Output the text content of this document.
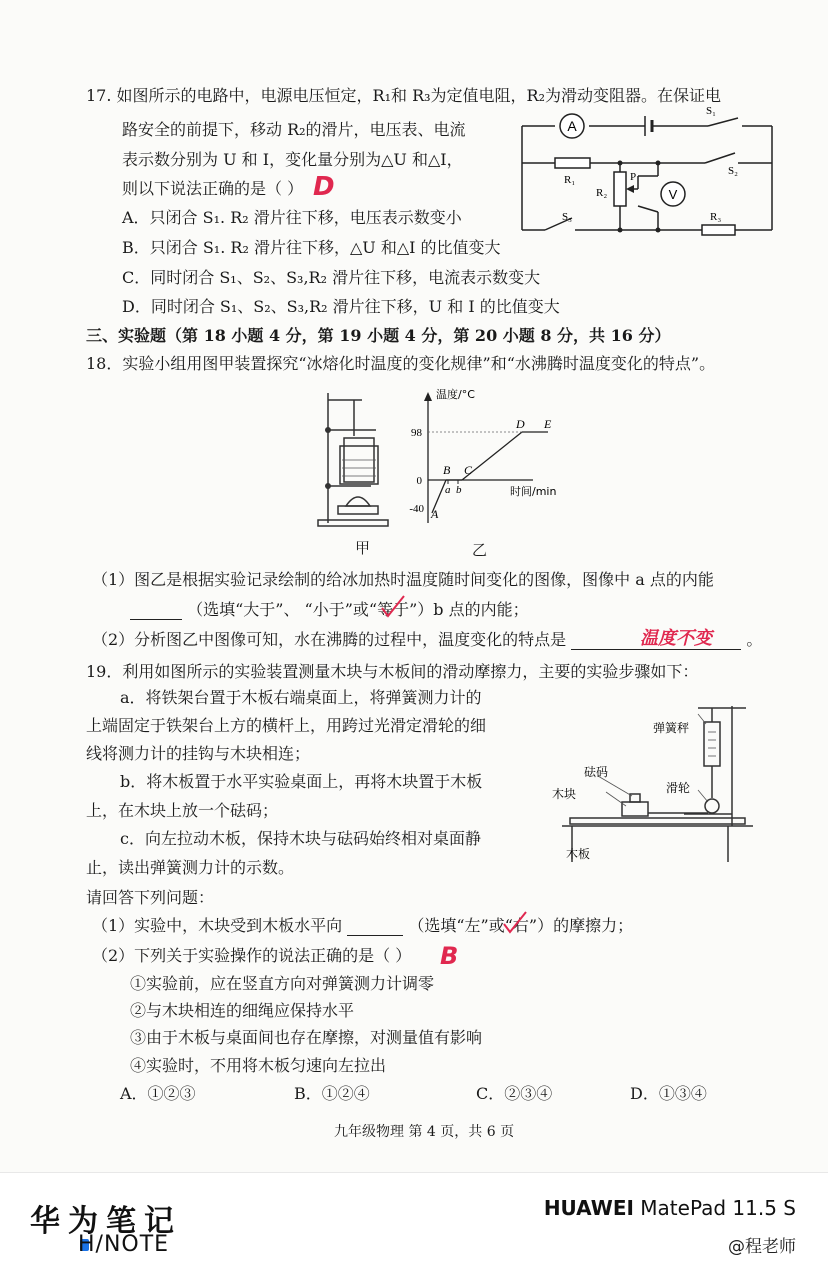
17. 如图所示的电路中，电源电压恒定，R₁和 R₃为定值电阻，R₂为滑动变阻器。在保证电
路安全的前提下，移动 R₂的滑片，电压表、电流
表示数分别为 U 和 I，变化量分别为△U 和△I，
则以下说法正确的是（ ） D
A．只闭合 S₁. R₂ 滑片往下移，电压表示数变小
B．只闭合 S₁. R₂ 滑片往下移，△U 和△I 的比值变大
C．同时闭合 S₁、S₂、S₃,R₂ 滑片往下移，电流表示数变大
D．同时闭合 S₁、S₂、S₃,R₂ 滑片往下移，U 和 I 的比值变大
A
V
S₁
S₂
S₃
R₁
R₂
R₃
P
三、实验题（第 18 小题 4 分，第 19 小题 4 分，第 20 小题 8 分，共 16 分）
18．实验小组用图甲装置探究“冰熔化时温度的变化规律”和“水沸腾时温度变化的特点”。
甲
温度/°C
时间/min
98
0
-40 A
B C
D E
a b
乙
（1）图乙是根据实验记录绘制的给冰加热时温度随时间变化的图像，图像中 a 点的内能
（选填“大于”、 “小于”或“等于”）b 点的内能；
（2）分析图乙中图像可知，水在沸腾的过程中，温度变化的特点是	。
温度不变
19．利用如图所示的实验装置测量木块与木板间的滑动摩擦力，主要的实验步骤如下：
a．将铁架台置于木板右端桌面上，将弹簧测力计的
上端固定于铁架台上方的横杆上，用跨过光滑定滑轮的细
线将测力计的挂钩与木块相连；
b．将木板置于水平实验桌面上，再将木块置于木板
上，在木块上放一个砝码；
c．向左拉动木板，保持木块与砝码始终相对桌面静
止，读出弹簧测力计的示数。
弹簧秤
砝码
滑轮
木块
木板
请回答下列问题：
（1）实验中，木块受到木板水平向	（选填“左”或“右”）的摩擦力；
（2）下列关于实验操作的说法正确的是（ ） B
①实验前，应在竖直方向对弹簧测力计调零
②与木块相连的细绳应保持水平
③由于木板与桌面间也存在摩擦，对测量值有影响
④实验时，不用将木板匀速向左拉出
A．①②③	B．①②④	C．②③④	D．①③④
九年级物理 第 4 页，共 6 页
华为笔记
H/NOTE
HUAWEI MatePad 11.5 S
@程老师
